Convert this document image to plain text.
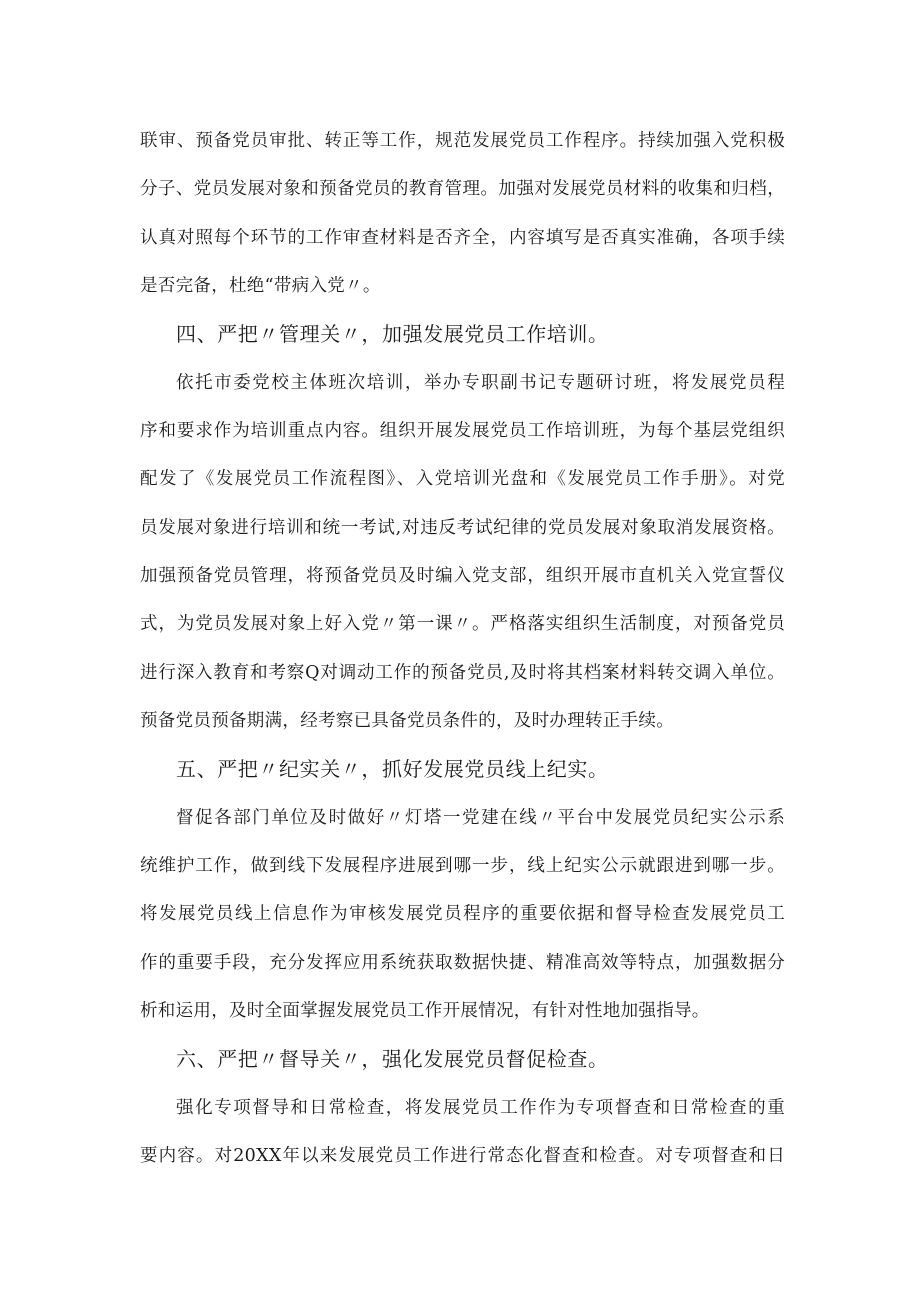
联审、预备党员审批、转正等工作，规范发展党员工作程序。持续加强入党积极
分子、党员发展对象和预备党员的教育管理。加强对发展党员材料的收集和归档，
认真对照每个环节的工作审查材料是否齐全，内容填写是否真实准确，各项手续
是否完备，杜绝“带病入党〃。
四、严把〃管理关〃，加强发展党员工作培训。
依托市委党校主体班次培训，举办专职副书记专题研讨班，将发展党员程
序和要求作为培训重点内容。组织开展发展党员工作培训班，为每个基层党组织
配发了《发展党员工作流程图》、入党培训光盘和《发展党员工作手册》。对党
员发展对象进行培训和统一考试,对违反考试纪律的党员发展对象取消发展资格。
加强预备党员管理，将预备党员及时编入党支部，组织开展市直机关入党宣誓仪
式，为党员发展对象上好入党〃第一课〃。严格落实组织生活制度，对预备党员
进行深入教育和考察Q对调动工作的预备党员,及时将其档案材料转交调入单位。
预备党员预备期满，经考察已具备党员条件的，及时办理转正手续。
五、严把〃纪实关〃，抓好发展党员线上纪实。
督促各部门单位及时做好〃灯塔一党建在线〃平台中发展党员纪实公示系
统维护工作，做到线下发展程序进展到哪一步，线上纪实公示就跟进到哪一步。
将发展党员线上信息作为审核发展党员程序的重要依据和督导检查发展党员工
作的重要手段，充分发挥应用系统获取数据快捷、精准高效等特点，加强数据分
析和运用，及时全面掌握发展党员工作开展情况，有针对性地加强指导。
六、严把〃督导关〃，强化发展党员督促检查。
强化专项督导和日常检查，将发展党员工作作为专项督查和日常检查的重
要内容。对20XX年以来发展党员工作进行常态化督查和检查。对专项督查和日
